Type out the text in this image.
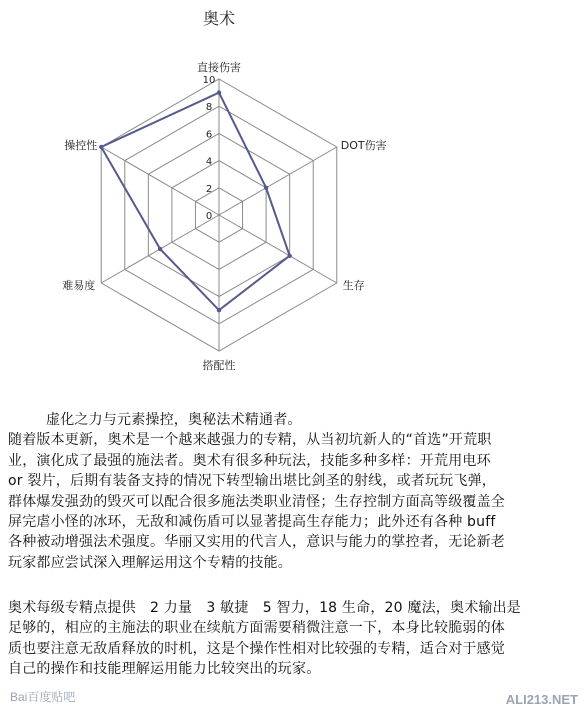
奥术
0
2
4
6
8
10
直接伤害
DOT伤害
生存
搭配性
难易度
操控性
虚化之力与元素操控，奥秘法术精通者。
随着版本更新，奥术是一个越来越强力的专精，从当初坑新人的“首选”开荒职
业，演化成了最强的施法者。奥术有很多种玩法，技能多种多样：开荒用电环
or 裂片，后期有装备支持的情况下转型输出堪比剑圣的射线，或者玩玩飞弹，
群体爆发强劲的毁灭可以配合很多施法类职业清怪；生存控制方面高等级覆盖全
屏完虐小怪的冰环，无敌和减伤盾可以显著提高生存能力；此外还有各种 buff
各种被动增强法术强度。华丽又实用的代言人，意识与能力的掌控者，无论新老
玩家都应尝试深入理解运用这个专精的技能。
奥术每级专精点提供　2 力量　3 敏捷　5 智力，18 生命，20 魔法，奥术输出是
足够的，相应的主施法的职业在续航方面需要稍微注意一下，本身比较脆弱的体
质也要注意无敌盾释放的时机，这是个操作性相对比较强的专精，适合对于感觉
自己的操作和技能理解运用能力比较突出的玩家。
Bai百度贴吧	ALI213.NET
